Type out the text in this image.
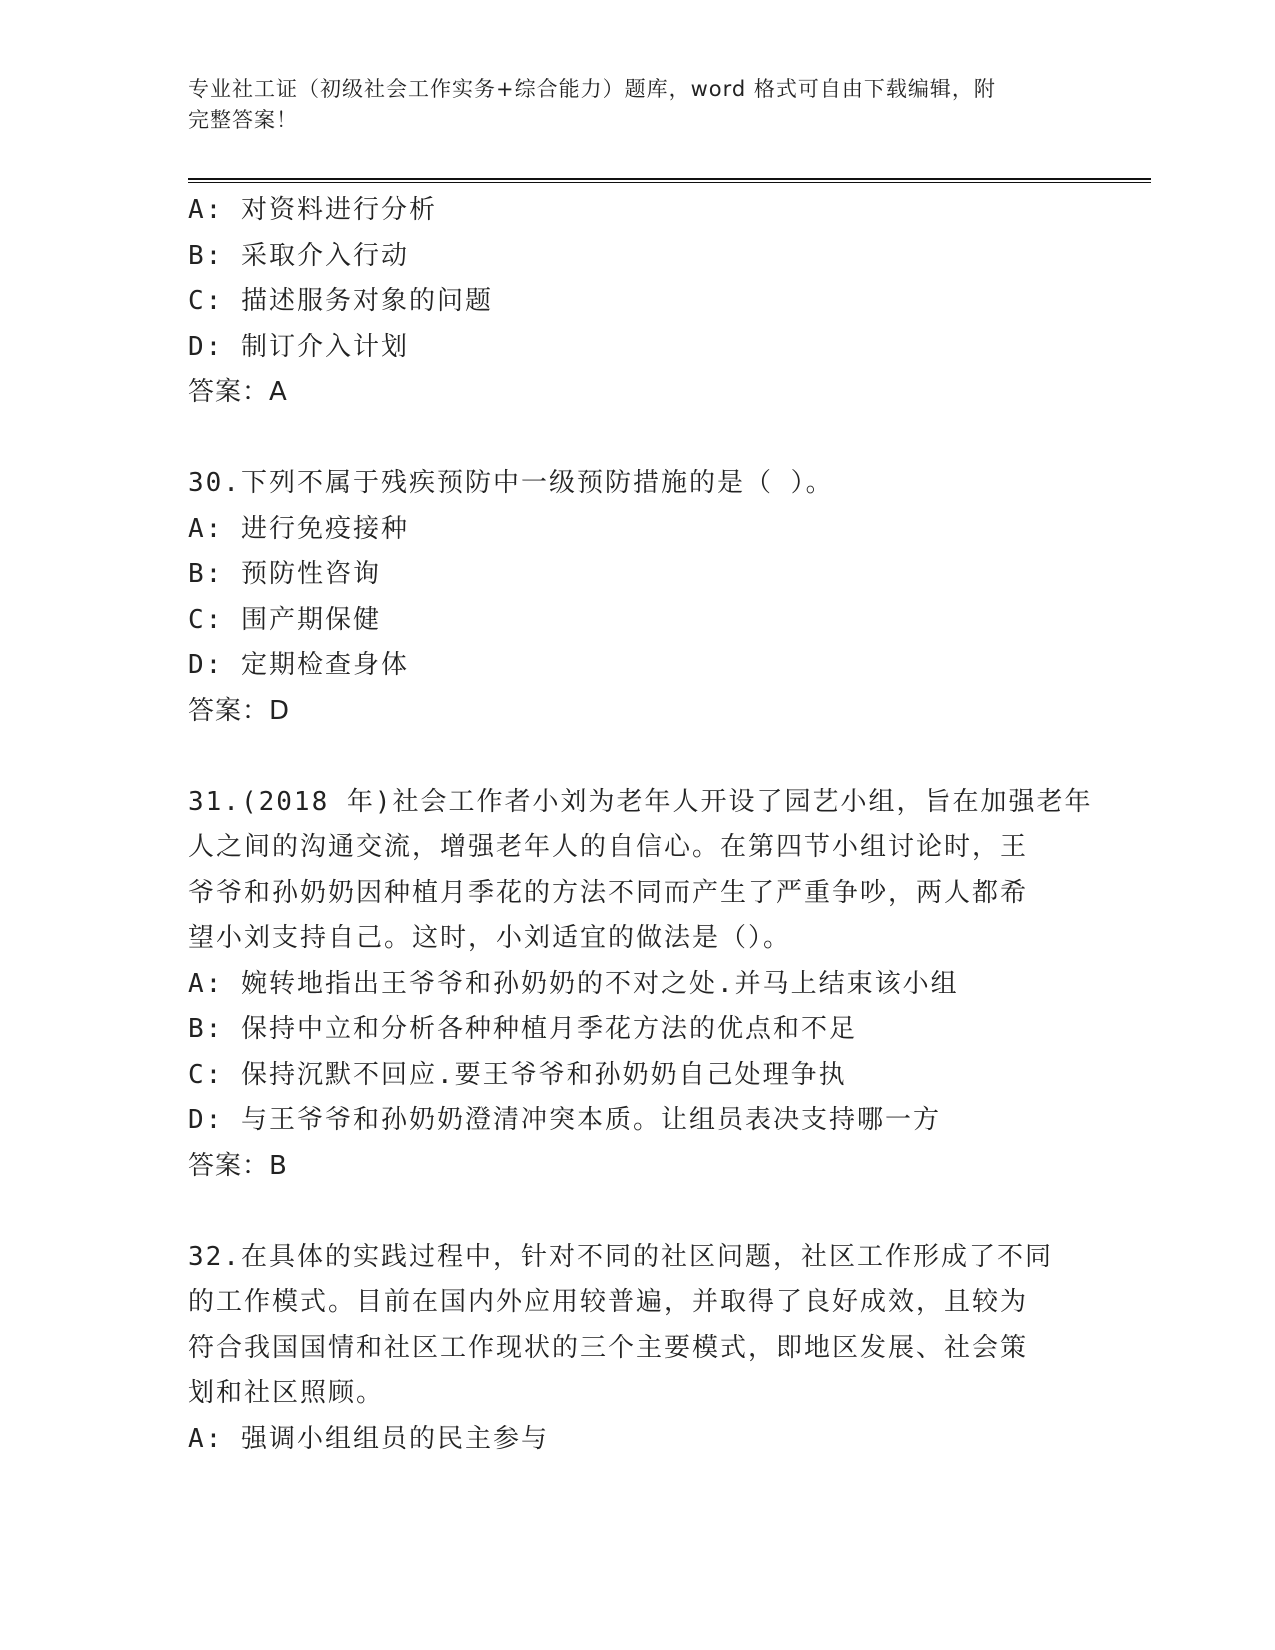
专业社工证（初级社会工作实务+综合能力）题库，word 格式可自由下载编辑，附
完整答案！
A: 对资料进行分析
B: 采取介入行动
C: 描述服务对象的问题
D: 制订介入计划
答案：A
30.下列不属于残疾预防中一级预防措施的是（ ）。
A: 进行免疫接种
B: 预防性咨询
C: 围产期保健
D: 定期检查身体
答案：D
31.(2018 年)社会工作者小刘为老年人开设了园艺小组，旨在加强老年
人之间的沟通交流，增强老年人的自信心。在第四节小组讨论时，王
爷爷和孙奶奶因种植月季花的方法不同而产生了严重争吵，两人都希
望小刘支持自己。这时，小刘适宜的做法是（）。
A: 婉转地指出王爷爷和孙奶奶的不对之处.并马上结束该小组
B: 保持中立和分析各种种植月季花方法的优点和不足
C: 保持沉默不回应.要王爷爷和孙奶奶自己处理争执
D: 与王爷爷和孙奶奶澄清冲突本质。让组员表决支持哪一方
答案：B
32.在具体的实践过程中，针对不同的社区问题，社区工作形成了不同
的工作模式。目前在国内外应用较普遍，并取得了良好成效，且较为
符合我国国情和社区工作现状的三个主要模式，即地区发展、社会策
划和社区照顾。
A: 强调小组组员的民主参与
